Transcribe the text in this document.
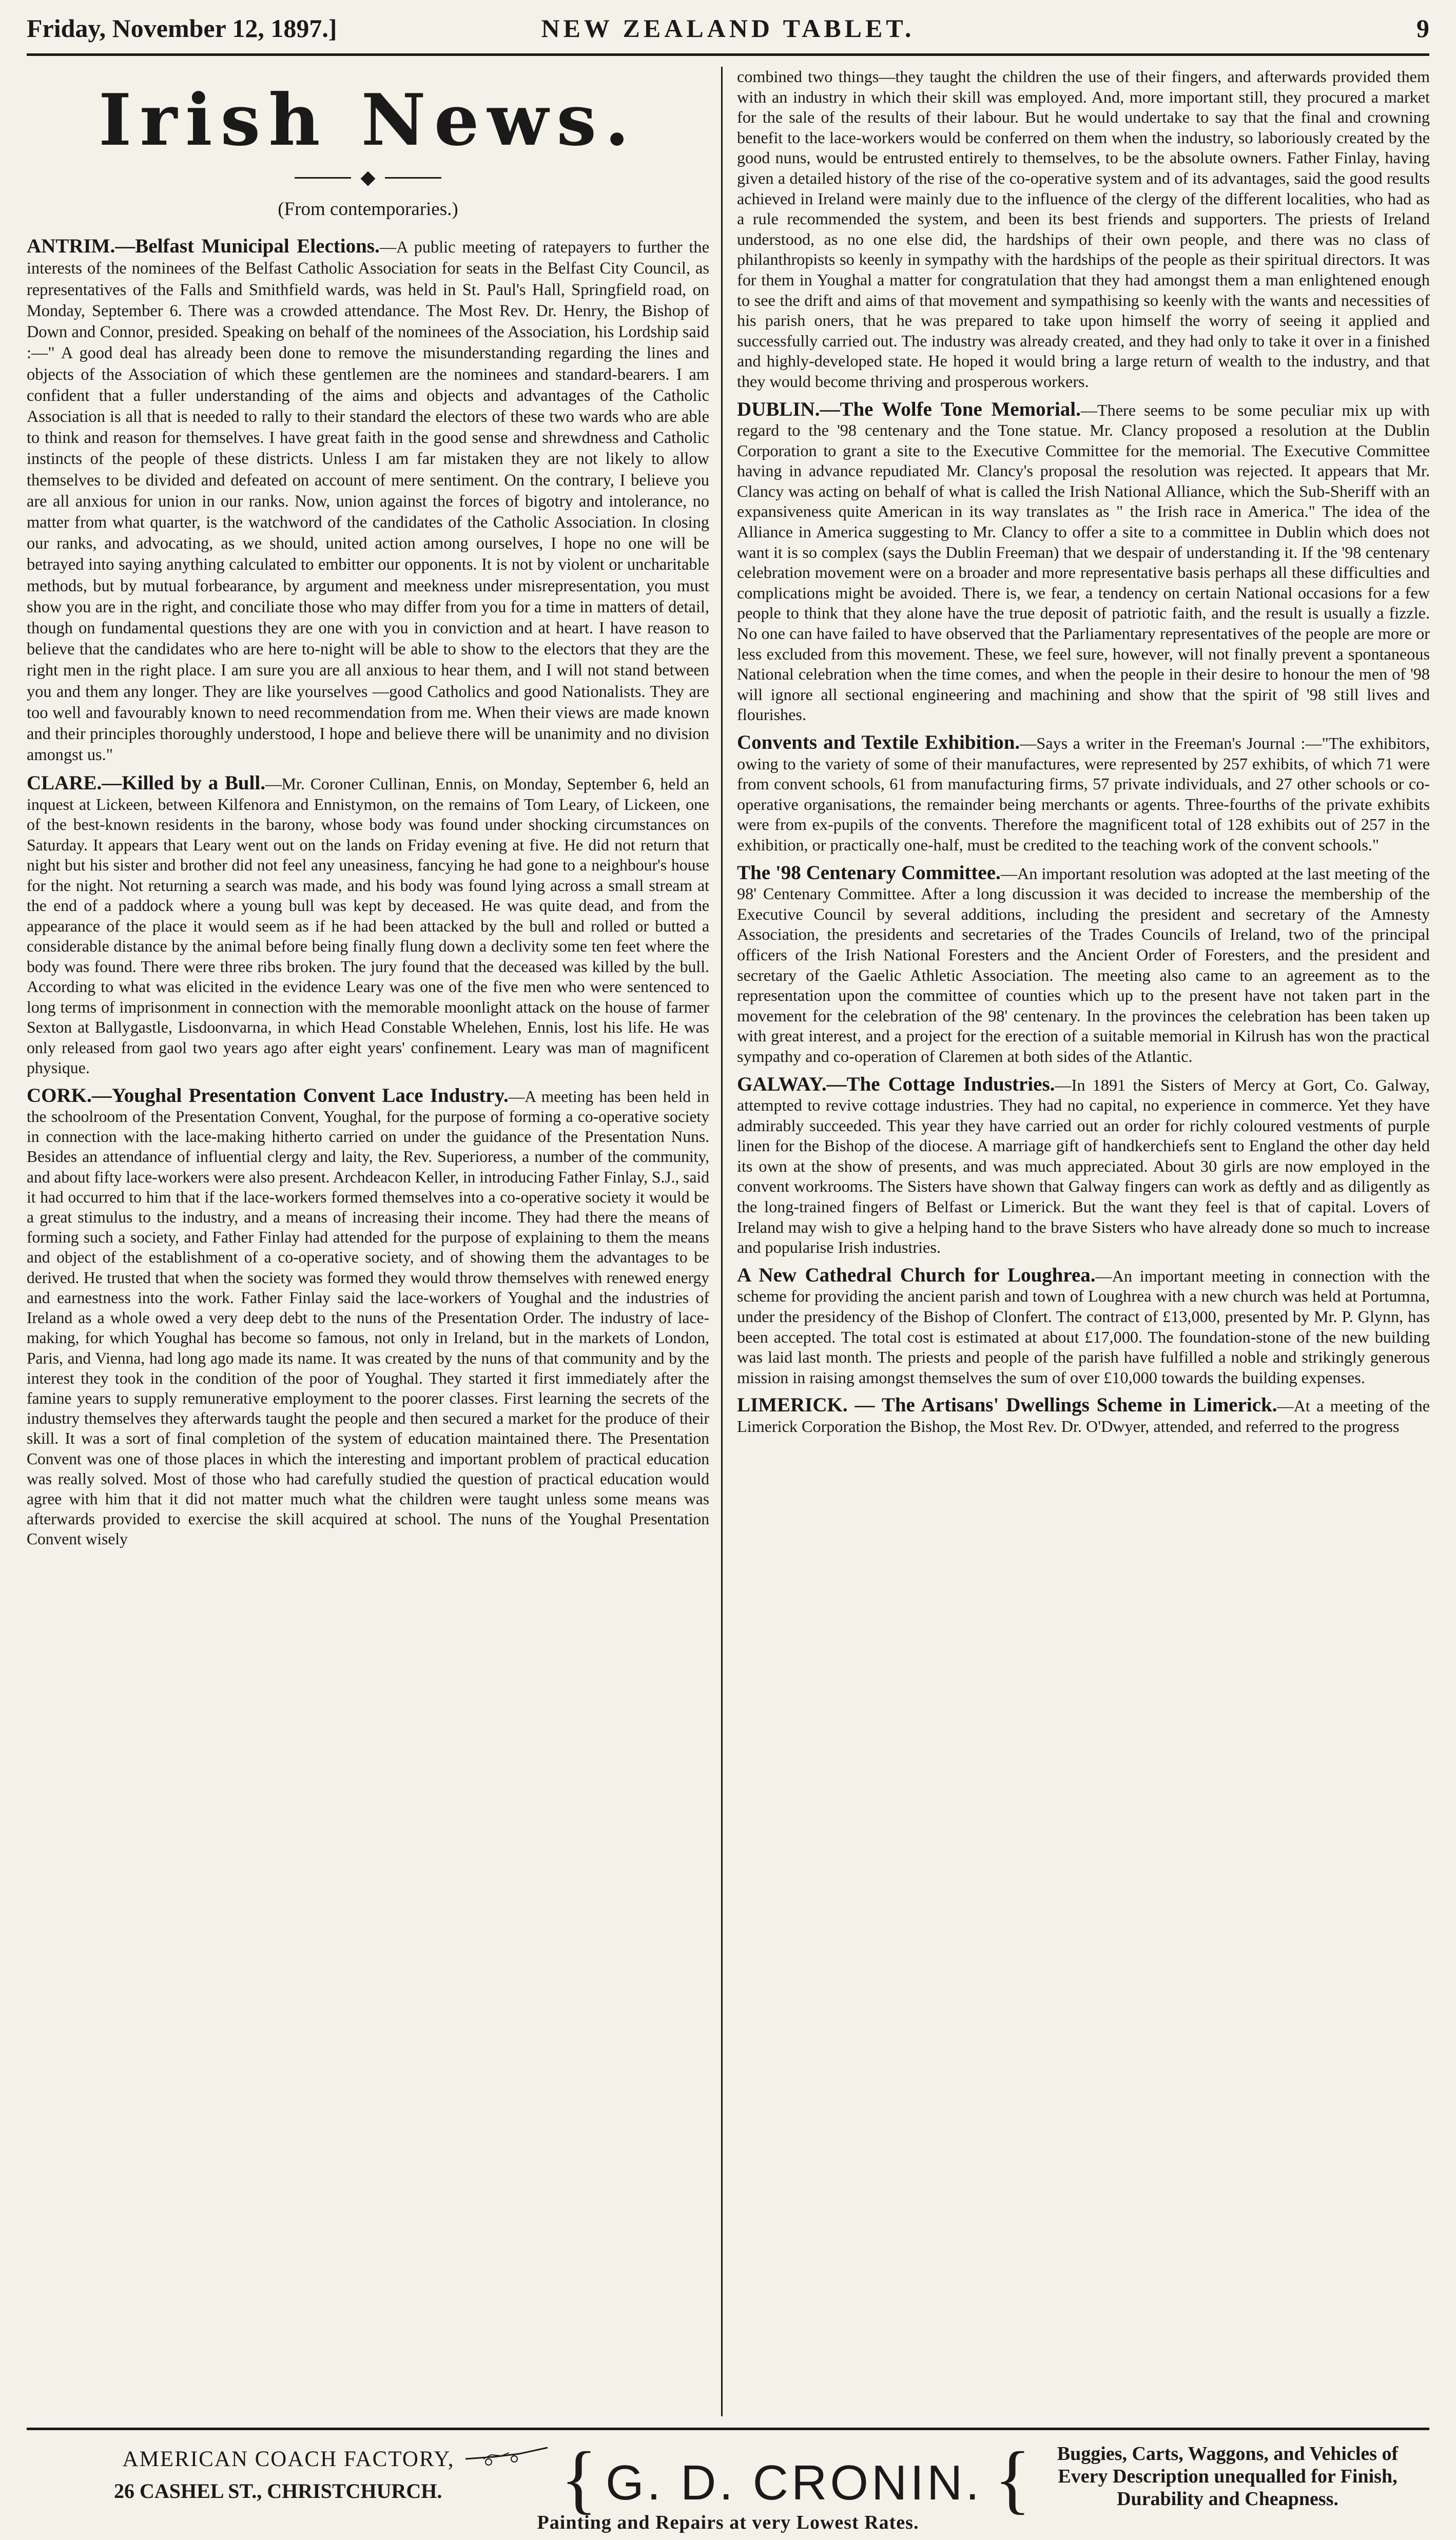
Friday, November 12, 1897.]	NEW ZEALAND TABLET.	9
Irish News.
◆
(From contemporaries.)

ANTRIM.—Belfast Municipal Elections.—A public meeting of ratepayers to further the interests of the nominees of the Belfast Catholic Association for seats in the Belfast City Council, as representatives of the Falls and Smithfield wards, was held in St. Paul's Hall, Springfield road, on Monday, September 6. There was a crowded attendance. The Most Rev. Dr. Henry, the Bishop of Down and Connor, presided. Speaking on behalf of the nominees of the Association, his Lordship said :—" A good deal has already been done to remove the misunderstanding regarding the lines and objects of the Association of which these gentlemen are the nominees and standard-bearers. I am confident that a fuller understanding of the aims and objects and advantages of the Catholic Association is all that is needed to rally to their standard the electors of these two wards who are able to think and reason for themselves. I have great faith in the good sense and shrewdness and Catholic instincts of the people of these districts. Unless I am far mistaken they are not likely to allow themselves to be divided and defeated on account of mere sentiment. On the contrary, I believe you are all anxious for union in our ranks. Now, union against the forces of bigotry and intolerance, no matter from what quarter, is the watchword of the candidates of the Catholic Association. In closing our ranks, and advocating, as we should, united action among ourselves, I hope no one will be betrayed into saying anything calculated to embitter our opponents. It is not by violent or uncharitable methods, but by mutual forbearance, by argument and meekness under misrepresentation, you must show you are in the right, and conciliate those who may differ from you for a time in matters of detail, though on fundamental questions they are one with you in conviction and at heart. I have reason to believe that the candidates who are here to-night will be able to show to the electors that they are the right men in the right place. I am sure you are all anxious to hear them, and I will not stand between you and them any longer. They are like yourselves —good Catholics and good Nationalists. They are too well and favourably known to need recommendation from me. When their views are made known and their principles thoroughly understood, I hope and believe there will be unanimity and no division amongst us."

CLARE.—Killed by a Bull.—Mr. Coroner Cullinan, Ennis, on Monday, September 6, held an inquest at Lickeen, between Kilfenora and Ennistymon, on the remains of Tom Leary, of Lickeen, one of the best-known residents in the barony, whose body was found under shocking circumstances on Saturday. It appears that Leary went out on the lands on Friday evening at five. He did not return that night but his sister and brother did not feel any uneasiness, fancying he had gone to a neighbour's house for the night. Not returning a search was made, and his body was found lying across a small stream at the end of a paddock where a young bull was kept by deceased. He was quite dead, and from the appearance of the place it would seem as if he had been attacked by the bull and rolled or butted a considerable distance by the animal before being finally flung down a declivity some ten feet where the body was found. There were three ribs broken. The jury found that the deceased was killed by the bull. According to what was elicited in the evidence Leary was one of the five men who were sentenced to long terms of imprisonment in connection with the memorable moonlight attack on the house of farmer Sexton at Ballygastle, Lisdoonvarna, in which Head Constable Whelehen, Ennis, lost his life. He was only released from gaol two years ago after eight years' confinement. Leary was man of magnificent physique.

CORK.—Youghal Presentation Convent Lace Industry.—A meeting has been held in the schoolroom of the Presentation Convent, Youghal, for the purpose of forming a co-operative society in connection with the lace-making hitherto carried on under the guidance of the Presentation Nuns. Besides an attendance of influential clergy and laity, the Rev. Superioress, a number of the community, and about fifty lace-workers were also present. Archdeacon Keller, in introducing Father Finlay, S.J., said it had occurred to him that if the lace-workers formed themselves into a co-operative society it would be a great stimulus to the industry, and a means of increasing their income. They had there the means of forming such a society, and Father Finlay had attended for the purpose of explaining to them the means and object of the establishment of a co-operative society, and of showing them the advantages to be derived. He trusted that when the society was formed they would throw themselves with renewed energy and earnestness into the work. Father Finlay said the lace-workers of Youghal and the industries of Ireland as a whole owed a very deep debt to the nuns of the Presentation Order. The industry of lace-making, for which Youghal has become so famous, not only in Ireland, but in the markets of London, Paris, and Vienna, had long ago made its name. It was created by the nuns of that community and by the interest they took in the condition of the poor of Youghal. They started it first immediately after the famine years to supply remunerative employment to the poorer classes. First learning the secrets of the industry themselves they afterwards taught the people and then secured a market for the produce of their skill. It was a sort of final completion of the system of education maintained there. The Presentation Convent was one of those places in which the interesting and important problem of practical education was really solved. Most of those who had carefully studied the question of practical education would agree with him that it did not matter much what the children were taught unless some means was afterwards provided to exercise the skill acquired at school. The nuns of the Youghal Presentation Convent wisely

combined two things—they taught the children the use of their fingers, and afterwards provided them with an industry in which their skill was employed. And, more important still, they procured a market for the sale of the results of their labour. But he would undertake to say that the final and crowning benefit to the lace-workers would be conferred on them when the industry, so laboriously created by the good nuns, would be entrusted entirely to themselves, to be the absolute owners. Father Finlay, having given a detailed history of the rise of the co-operative system and of its advantages, said the good results achieved in Ireland were mainly due to the influence of the clergy of the different localities, who had as a rule recommended the system, and been its best friends and supporters. The priests of Ireland understood, as no one else did, the hardships of their own people, and there was no class of philanthropists so keenly in sympathy with the hardships of the people as their spiritual directors. It was for them in Youghal a matter for congratulation that they had amongst them a man enlightened enough to see the drift and aims of that movement and sympathising so keenly with the wants and necessities of his parish oners, that he was prepared to take upon himself the worry of seeing it applied and successfully carried out. The industry was already created, and they had only to take it over in a finished and highly-developed state. He hoped it would bring a large return of wealth to the industry, and that they would become thriving and prosperous workers.

DUBLIN.—The Wolfe Tone Memorial.—There seems to be some peculiar mix up with regard to the '98 centenary and the Tone statue. Mr. Clancy proposed a resolution at the Dublin Corporation to grant a site to the Executive Committee for the memorial. The Executive Committee having in advance repudiated Mr. Clancy's proposal the resolution was rejected. It appears that Mr. Clancy was acting on behalf of what is called the Irish National Alliance, which the Sub-Sheriff with an expansiveness quite American in its way translates as " the Irish race in America." The idea of the Alliance in America suggesting to Mr. Clancy to offer a site to a committee in Dublin which does not want it is so complex (says the Dublin Freeman) that we despair of understanding it. If the '98 centenary celebration movement were on a broader and more representative basis perhaps all these difficulties and complications might be avoided. There is, we fear, a tendency on certain National occasions for a few people to think that they alone have the true deposit of patriotic faith, and the result is usually a fizzle. No one can have failed to have observed that the Parliamentary representatives of the people are more or less excluded from this movement. These, we feel sure, however, will not finally prevent a spontaneous National celebration when the time comes, and when the people in their desire to honour the men of '98 will ignore all sectional engineering and machining and show that the spirit of '98 still lives and flourishes.

Convents and Textile Exhibition.—Says a writer in the Freeman's Journal :—"The exhibitors, owing to the variety of some of their manufactures, were represented by 257 exhibits, of which 71 were from convent schools, 61 from manufacturing firms, 57 private individuals, and 27 other schools or co-operative organisations, the remainder being merchants or agents. Three-fourths of the private exhibits were from ex-pupils of the convents. Therefore the magnificent total of 128 exhibits out of 257 in the exhibition, or practically one-half, must be credited to the teaching work of the convent schools."

The '98 Centenary Committee.—An important resolution was adopted at the last meeting of the 98' Centenary Committee. After a long discussion it was decided to increase the membership of the Executive Council by several additions, including the president and secretary of the Amnesty Association, the presidents and secretaries of the Trades Councils of Ireland, two of the principal officers of the Irish National Foresters and the Ancient Order of Foresters, and the president and secretary of the Gaelic Athletic Association. The meeting also came to an agreement as to the representation upon the committee of counties which up to the present have not taken part in the movement for the celebration of the 98' centenary. In the provinces the celebration has been taken up with great interest, and a project for the erection of a suitable memorial in Kilrush has won the practical sympathy and co-operation of Claremen at both sides of the Atlantic.

GALWAY.—The Cottage Industries.—In 1891 the Sisters of Mercy at Gort, Co. Galway, attempted to revive cottage industries. They had no capital, no experience in commerce. Yet they have admirably succeeded. This year they have carried out an order for richly coloured vestments of purple linen for the Bishop of the diocese. A marriage gift of handkerchiefs sent to England the other day held its own at the show of presents, and was much appreciated. About 30 girls are now employed in the convent workrooms. The Sisters have shown that Galway fingers can work as deftly and as diligently as the long-trained fingers of Belfast or Limerick. But the want they feel is that of capital. Lovers of Ireland may wish to give a helping hand to the brave Sisters who have already done so much to increase and popularise Irish industries.

A New Cathedral Church for Loughrea.—An important meeting in connection with the scheme for providing the ancient parish and town of Loughrea with a new church was held at Portumna, under the presidency of the Bishop of Clonfert. The contract of £13,000, presented by Mr. P. Glynn, has been accepted. The total cost is estimated at about £17,000. The foundation-stone of the new building was laid last month. The priests and people of the parish have fulfilled a noble and strikingly generous mission in raising amongst themselves the sum of over £10,000 towards the building expenses.

LIMERICK. — The Artisans' Dwellings Scheme in Limerick.—At a meeting of the Limerick Corporation the Bishop, the Most Rev. Dr. O'Dwyer, attended, and referred to the progress

AMERICAN COACH FACTORY,
26 CASHEL ST., CHRISTCHURCH.	{ G. D. CRONIN. {	Buggies, Carts, Waggons, and Vehicles of
Every Description unequalled for Finish,
Durability and Cheapness.
Painting and Repairs at very Lowest Rates.
